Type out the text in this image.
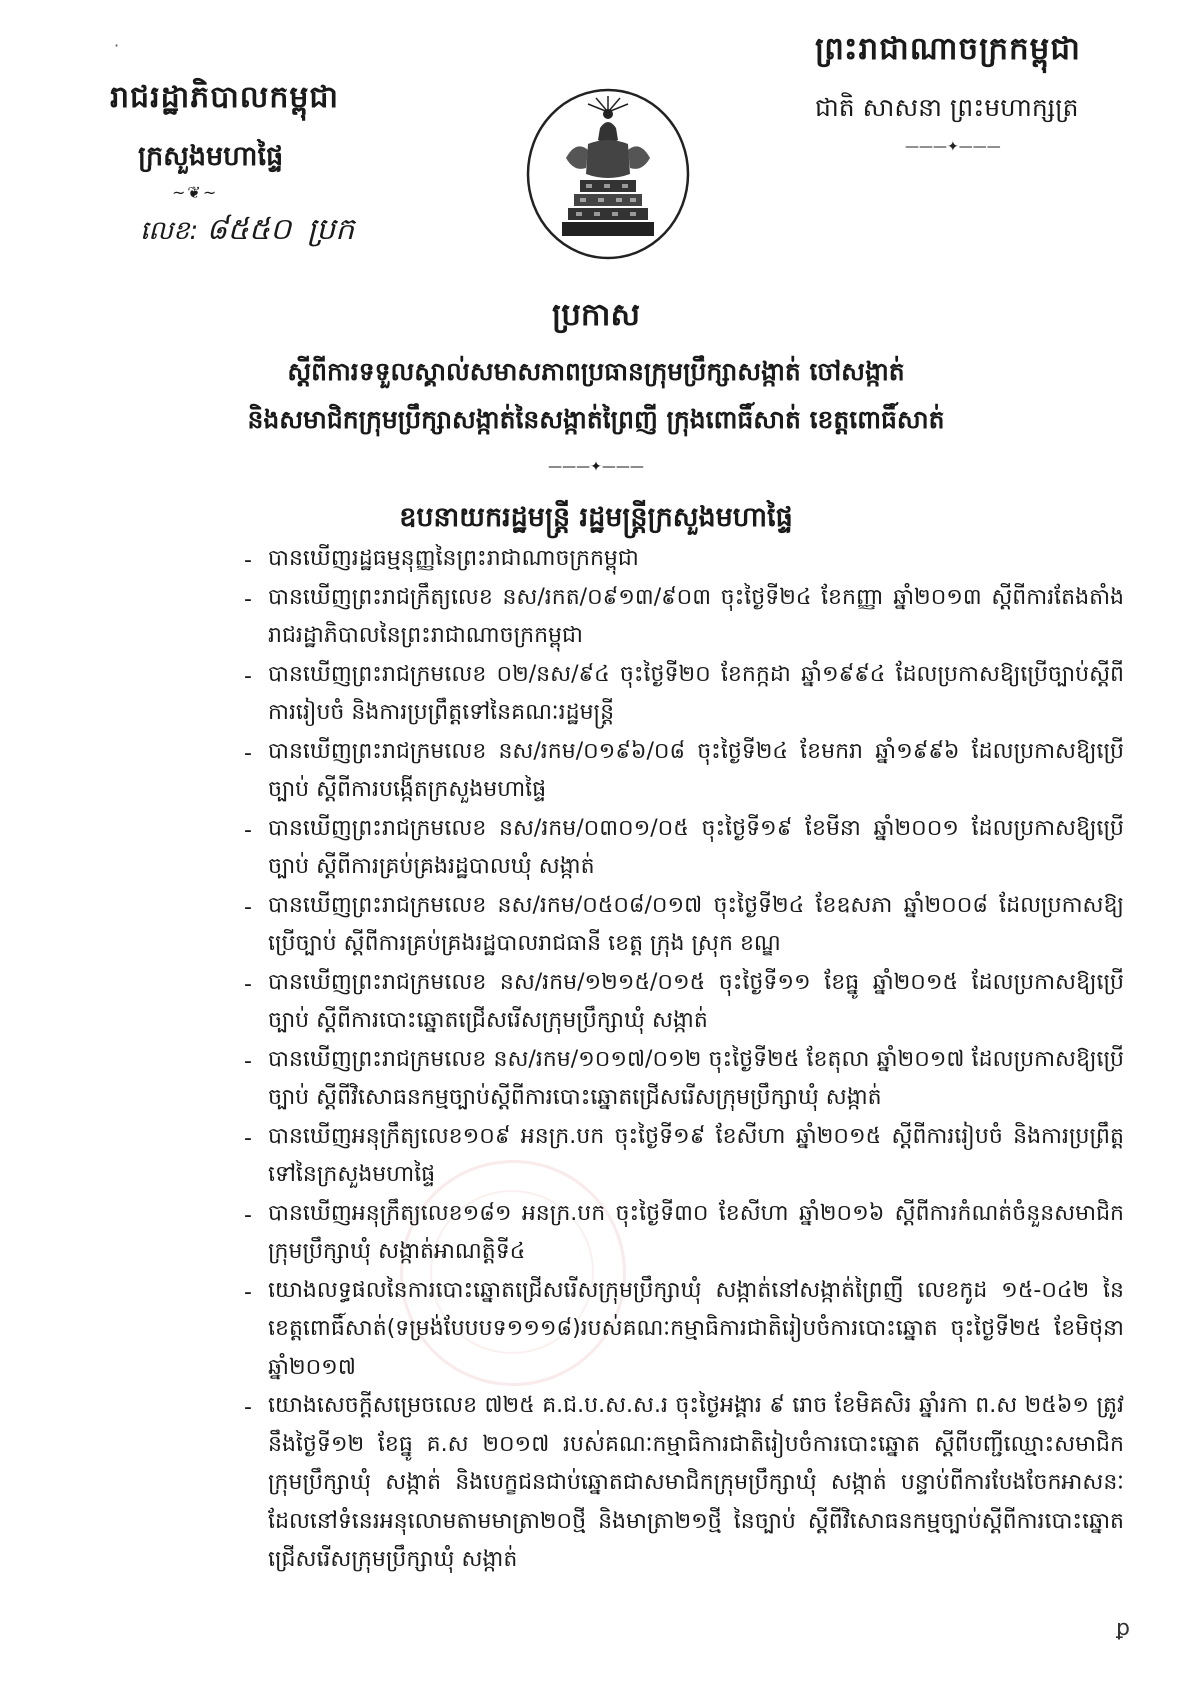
·
រាជរដ្ឋាភិបាលកម្ពុជា
ក្រសួងមហាផ្ទៃ
~❦~
លេខ: ៨៥៥០ ប្រក
ព្រះរាជាណាចក្រកម្ពុជា
ជាតិ សាសនា ព្រះមហាក្សត្រ
———✦———
ប្រកាស
ស្តីពីការទទួលស្គាល់សមាសភាពប្រធានក្រុមប្រឹក្សាសង្កាត់ ចៅសង្កាត់
និងសមាជិកក្រុមប្រឹក្សាសង្កាត់នៃសង្កាត់ព្រៃញី ក្រុងពោធិ៍សាត់ ខេត្តពោធិ៍សាត់
———✦———
ឧបនាយករដ្ឋមន្ត្រី រដ្ឋមន្ត្រីក្រសួងមហាផ្ទៃ
- បានឃើញរដ្ឋធម្មនុញ្ញនៃព្រះរាជាណាចក្រកម្ពុជា
- បានឃើញព្រះរាជក្រឹត្យលេខ នស/រកត/០៩១៣/៩០៣ ចុះថ្ងៃទី២៤ ខែកញ្ញា ឆ្នាំ២០១៣ ស្តីពីការតែងតាំងរាជរដ្ឋាភិបាលនៃព្រះរាជាណាចក្រកម្ពុជា
- បានឃើញព្រះរាជក្រមលេខ ០២/នស/៩៤ ចុះថ្ងៃទី២០ ខែកក្កដា ឆ្នាំ១៩៩៤ ដែលប្រកាសឱ្យប្រើច្បាប់ស្តីពីការរៀបចំ និងការប្រព្រឹត្តទៅនៃគណៈរដ្ឋមន្ត្រី
- បានឃើញព្រះរាជក្រមលេខ នស/រកម/០១៩៦/០៨ ចុះថ្ងៃទី២៤ ខែមករា ឆ្នាំ១៩៩៦ ដែលប្រកាសឱ្យប្រើច្បាប់ ស្តីពីការបង្កើតក្រសួងមហាផ្ទៃ
- បានឃើញព្រះរាជក្រមលេខ នស/រកម/០៣០១/០៥ ចុះថ្ងៃទី១៩ ខែមីនា ឆ្នាំ២០០១ ដែលប្រកាសឱ្យប្រើច្បាប់ ស្តីពីការគ្រប់គ្រងរដ្ឋបាលឃុំ សង្កាត់
- បានឃើញព្រះរាជក្រមលេខ នស/រកម/០៥០៨/០១៧ ចុះថ្ងៃទី២៤ ខែឧសភា ឆ្នាំ២០០៨ ដែលប្រកាសឱ្យប្រើច្បាប់ ស្តីពីការគ្រប់គ្រងរដ្ឋបាលរាជធានី ខេត្ត ក្រុង ស្រុក ខណ្ឌ
- បានឃើញព្រះរាជក្រមលេខ នស/រកម/១២១៥/០១៥ ចុះថ្ងៃទី១១ ខែធ្នូ ឆ្នាំ២០១៥ ដែលប្រកាសឱ្យប្រើច្បាប់ ស្តីពីការបោះឆ្នោតជ្រើសរើសក្រុមប្រឹក្សាឃុំ សង្កាត់
- បានឃើញព្រះរាជក្រមលេខ នស/រកម/១០១៧/០១២ ចុះថ្ងៃទី២៥ ខែតុលា ឆ្នាំ២០១៧ ដែលប្រកាសឱ្យប្រើច្បាប់ ស្តីពីវិសោធនកម្មច្បាប់ស្តីពីការបោះឆ្នោតជ្រើសរើសក្រុមប្រឹក្សាឃុំ សង្កាត់
- បានឃើញអនុក្រឹត្យលេខ១០៩ អនក្រ.បក ចុះថ្ងៃទី១៩ ខែសីហា ឆ្នាំ២០១៥ ស្តីពីការរៀបចំ និងការប្រព្រឹត្តទៅនៃក្រសួងមហាផ្ទៃ
- បានឃើញអនុក្រឹត្យលេខ១៨១ អនក្រ.បក ចុះថ្ងៃទី៣០ ខែសីហា ឆ្នាំ២០១៦ ស្តីពីការកំណត់ចំនួនសមាជិកក្រុមប្រឹក្សាឃុំ សង្កាត់អាណត្តិទី៤
- យោងលទ្ធផលនៃការបោះឆ្នោតជ្រើសរើសក្រុមប្រឹក្សាឃុំ សង្កាត់នៅសង្កាត់ព្រៃញី លេខកូដ ១៥-០៤២ នៃខេត្តពោធិ៍សាត់(ទម្រង់បែបបទ១១១៨)របស់គណៈកម្មាធិការជាតិរៀបចំការបោះឆ្នោត ចុះថ្ងៃទី២៥ ខែមិថុនា ឆ្នាំ២០១៧
- យោងសេចក្តីសម្រេចលេខ ៧២៥ គ.ជ.ប.ស.ស.រ ចុះថ្ងៃអង្គារ ៩ រោច ខែមិគសិរ ឆ្នាំរកា ព.ស ២៥៦១ ត្រូវនឹងថ្ងៃទី១២ ខែធ្នូ គ.ស ២០១៧ របស់គណៈកម្មាធិការជាតិរៀបចំការបោះឆ្នោត ស្តីពីបញ្ជីឈ្មោះសមាជិកក្រុមប្រឹក្សាឃុំ សង្កាត់ និងបេក្ខជនជាប់ឆ្នោតជាសមាជិកក្រុមប្រឹក្សាឃុំ សង្កាត់ បន្ទាប់ពីការបែងចែកអាសនៈដែលនៅទំនេរអនុលោមតាមមាត្រា២០ថ្មី និងមាត្រា២១ថ្មី នៃច្បាប់ ស្តីពីវិសោធនកម្មច្បាប់ស្តីពីការបោះឆ្នោតជ្រើសរើសក្រុមប្រឹក្សាឃុំ សង្កាត់
ꝑ
